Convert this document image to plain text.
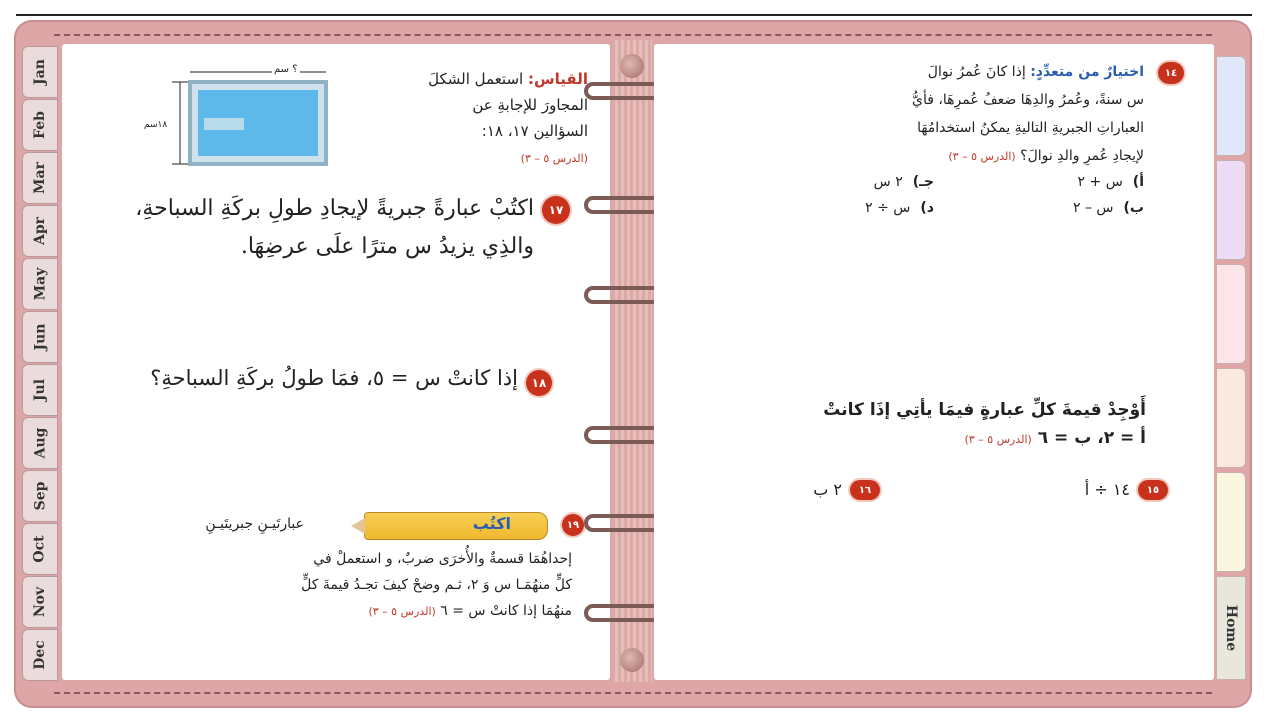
Jan
Feb
Mar
Apr
May
Jun
Jul
Aug
Sep
Oct
Nov
Dec
Home
؟ سم
١٨سم
القياس: استعمل الشكلَ
المجاورَ للإجابةِ عن
السؤالين ١٧، ١٨:
(الدرس ٥ – ٣)
١٧
اكتُبْ عبارةً جبريةً لإيجادِ طولِ بركَةِ السباحةِ،
والذِي يزيدُ س مترًا علَى عرضِهَا.
١٨
إذا كانتْ س = ٥، فمَا طولُ بركَةِ السباحةِ؟
١٩
اكتُب
عبارتَيـنِ جبريتَيـنِ
إحداهُمَا قسمةٌ والأُخرَى ضربٌ، و استعملْ في
كلٍّ منهُمَـا س وَ ٢، ثـم وضحْ كيفَ تجـدُ قيمةَ كلٍّ
منهُمَا إذا كانتْ س = ٦ (الدرس ٥ – ٣)
١٤
اختيارٌ من متعدِّدٍ: إذا كانَ عُمرُ نوالَ
س سنةً، وعُمرُ والدِهَا ضعفُ عُمرِهَا، فأيُّ
العباراتِ الجبريةِ التاليةِ يمكنُ استخدامُهَا
لإيجادِ عُمرِ والدِ نوالَ؟ (الدرس ٥ – ٣)
أ)س + ٢
جـ)٢ س
ب)س – ٢
د)س ÷ ٢
أَوْجِدْ قيمةَ كلِّ عبارةٍ فيمَا يأتِي إذَا كانتْ
أ = ٢، ب = ٦ (الدرس ٥ – ٣)
١٥
١٤ ÷ أ
١٦
٢ ب
